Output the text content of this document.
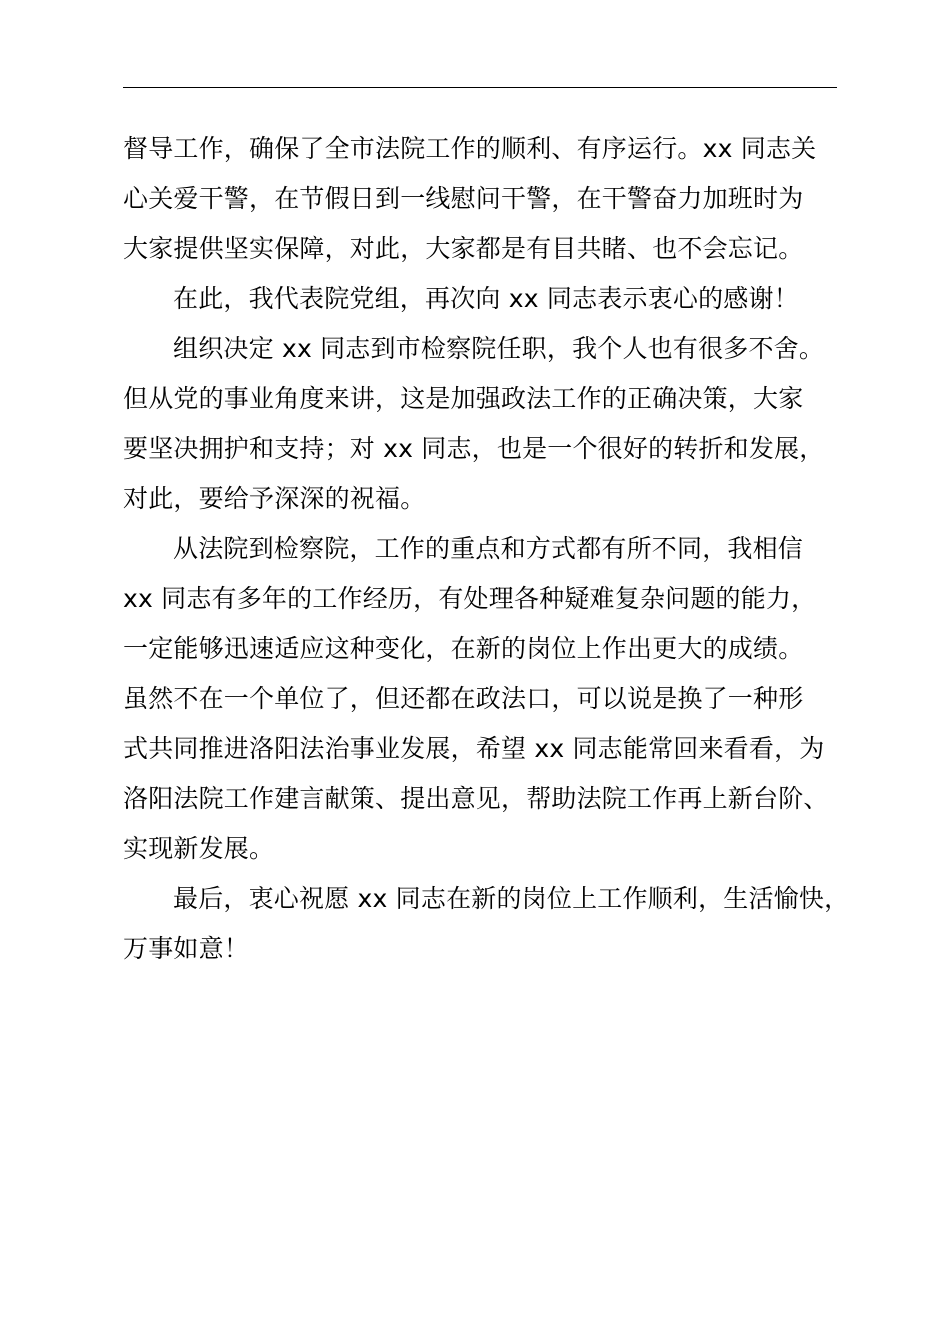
督导工作，确保了全市法院工作的顺利、有序运行。xx 同志关
心关爱干警，在节假日到一线慰问干警，在干警奋力加班时为
大家提供坚实保障，对此，大家都是有目共睹、也不会忘记。
在此，我代表院党组，再次向 xx 同志表示衷心的感谢！
组织决定 xx 同志到市检察院任职，我个人也有很多不舍。
但从党的事业角度来讲，这是加强政法工作的正确决策，大家
要坚决拥护和支持；对 xx 同志，也是一个很好的转折和发展，
对此，要给予深深的祝福。
从法院到检察院，工作的重点和方式都有所不同，我相信
xx 同志有多年的工作经历，有处理各种疑难复杂问题的能力，
一定能够迅速适应这种变化，在新的岗位上作出更大的成绩。
虽然不在一个单位了，但还都在政法口，可以说是换了一种形
式共同推进洛阳法治事业发展，希望 xx 同志能常回来看看，为
洛阳法院工作建言献策、提出意见，帮助法院工作再上新台阶、
实现新发展。
最后，衷心祝愿 xx 同志在新的岗位上工作顺利，生活愉快，
万事如意！
